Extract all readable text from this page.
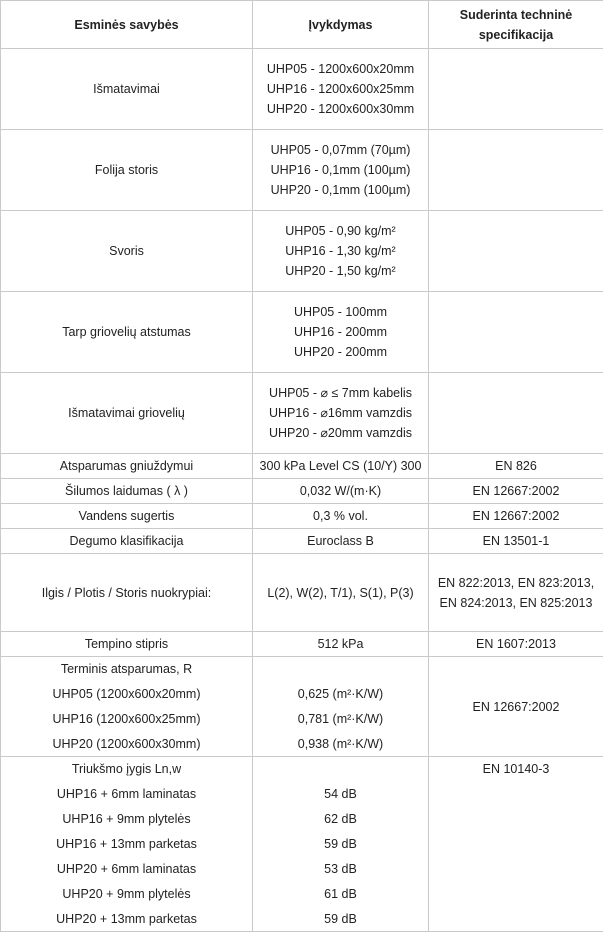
Esminės savybės	Įvykdymas	Suderinta techninė specifikacija
Išmatavimai	UHP05 - 1200x600x20mm
UHP16 - 1200x600x25mm
UHP20 - 1200x600x30mm	

Folija storis	UHP05 - 0,07mm (70µm)
UHP16 - 0,1mm (100µm)
UHP20 - 0,1mm (100µm)	

Svoris	UHP05 - 0,90 kg/m²
UHP16 - 1,30 kg/m²
UHP20 - 1,50 kg/m²	

Tarp griovelių atstumas	UHP05 - 100mm
UHP16 - 200mm
UHP20 - 200mm	

Išmatavimai griovelių	UHP05 - ⌀ ≤ 7mm kabelis
UHP16 - ⌀16mm vamzdis
UHP20 - ⌀20mm vamzdis	

Atsparumas gniuždymui	300 kPa Level CS (10/Y) 300	EN 826
Šilumos laidumas ( λ )	0,032 W/(m·K)	EN 12667:2002
Vandens sugertis	0,3 % vol.	EN 12667:2002
Degumo klasifikacija	Euroclass B	EN 13501-1
Ilgis / Plotis / Storis nuokrypiai:	L(2), W(2), T/1), S(1), P(3)	EN 822:2013, EN 823:2013, EN 824:2013, EN 825:2013
Tempino stipris	512 kPa	EN 1607:2013
Terminis atsparumas, R		EN 12667:2002
UHP05 (1200x600x20mm)	0,625 (m²·K/W)	
UHP16 (1200x600x25mm)	0,781 (m²·K/W)	
UHP20 (1200x600x30mm)	0,938 (m²·K/W)	
Triukšmo įygis Ln,w		EN 10140-3
UHP16 + 6mm laminatas	54 dB	
UHP16 + 9mm plytelės	62 dB	
UHP16 + 13mm parketas	59 dB	
UHP20 + 6mm laminatas	53 dB	
UHP20 + 9mm plytelės	61 dB	
UHP20 + 13mm parketas	59 dB	
